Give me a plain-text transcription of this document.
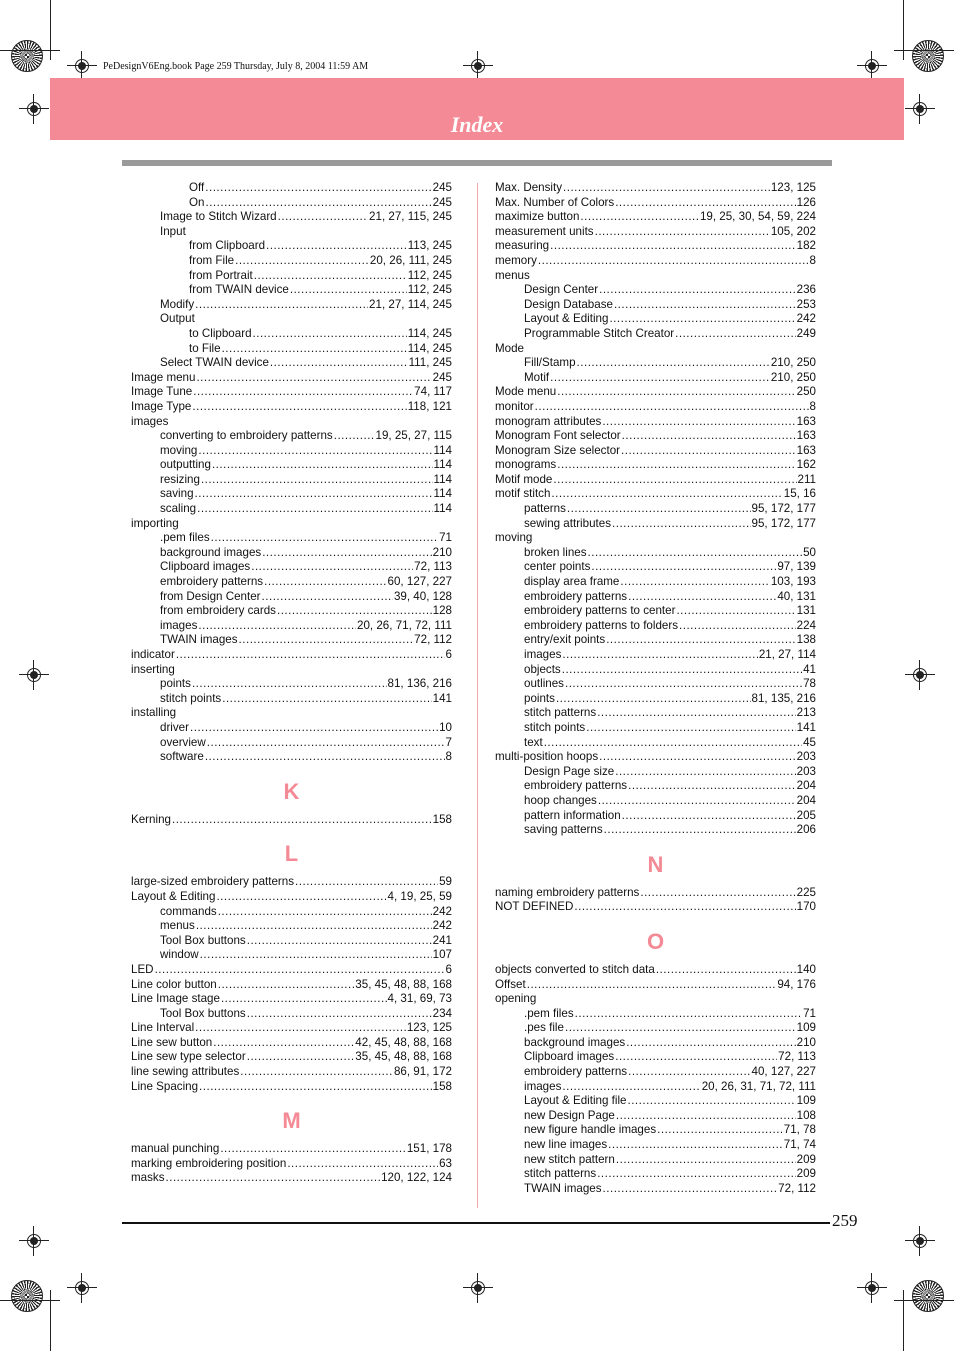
PeDesignV6Eng.book Page 259 Thursday, July 8, 2004 11:59 AM
Index
Off .....	245
On .....	245
Image to Stitch Wizard .....	21, 27, 115, 245
Input
from Clipboard .....	113, 245
from File .....	20, 26, 111, 245
from Portrait .....	112, 245
from TWAIN device .....	112, 245
Modify .....	21, 27, 114, 245
Output
to Clipboard .....	114, 245
to File .....	114, 245
Select TWAIN device .....	111, 245
Image menu .....	245
Image Tune .....	74, 117
Image Type .....	118, 121
images
converting to embroidery patterns .....	19, 25, 27, 115
moving .....	114
outputting .....	114
resizing .....	114
saving .....	114
scaling .....	114
importing
.pem files .....	71
background images .....	210
Clipboard images .....	72, 113
embroidery patterns .....	60, 127, 227
from Design Center .....	39, 40, 128
from embroidery cards .....	128
images .....	20, 26, 71, 72, 111
TWAIN images .....	72, 112
indicator .....	6
inserting
points .....	81, 136, 216
stitch points .....	141
installing
driver .....	10
overview .....	7
software .....	8
K
Kerning .....	158
L
large-sized embroidery patterns .....	59
Layout & Editing .....	4, 19, 25, 59
commands .....	242
menus .....	242
Tool Box buttons .....	241
window .....	107
LED .....	6
Line color button .....	35, 45, 48, 88, 168
Line Image stage .....	4, 31, 69, 73
Tool Box buttons .....	234
Line Interval .....	123, 125
Line sew button .....	42, 45, 48, 88, 168
Line sew type selector .....	35, 45, 48, 88, 168
line sewing attributes .....	86, 91, 172
Line Spacing .....	158
M
manual punching .....	151, 178
marking embroidering position .....	63
masks .....	120, 122, 124
Max. Density .....	123, 125
Max. Number of Colors .....	126
maximize button .....	19, 25, 30, 54, 59, 224
measurement units .....	105, 202
measuring .....	182
memory .....	8
menus
Design Center .....	236
Design Database .....	253
Layout & Editing .....	242
Programmable Stitch Creator .....	249
Mode
Fill/Stamp .....	210, 250
Motif .....	210, 250
Mode menu .....	250
monitor .....	8
monogram attributes .....	163
Monogram Font selector .....	163
Monogram Size selector .....	163
monograms .....	162
Motif mode .....	211
motif stitch .....	15, 16
patterns .....	95, 172, 177
sewing attributes .....	95, 172, 177
moving
broken lines .....	50
center points .....	97, 139
display area frame .....	103, 193
embroidery patterns .....	40, 131
embroidery patterns to center .....	131
embroidery patterns to folders .....	224
entry/exit points .....	138
images .....	21, 27, 114
objects .....	41
outlines .....	78
points .....	81, 135, 216
stitch patterns .....	213
stitch points .....	141
text .....	45
multi-position hoops .....	203
Design Page size .....	203
embroidery patterns .....	204
hoop changes .....	204
pattern information .....	205
saving patterns .....	206
N
naming embroidery patterns .....	225
NOT DEFINED .....	170
O
objects converted to stitch data .....	140
Offset .....	94, 176
opening
.pem files .....	71
.pes file .....	109
background images .....	210
Clipboard images .....	72, 113
embroidery patterns .....	40, 127, 227
images .....	20, 26, 31, 71, 72, 111
Layout & Editing file .....	109
new Design Page .....	108
new figure handle images .....	71, 78
new line images .....	71, 74
new stitch pattern .....	209
stitch patterns .....	209
TWAIN images .....	72, 112
259
